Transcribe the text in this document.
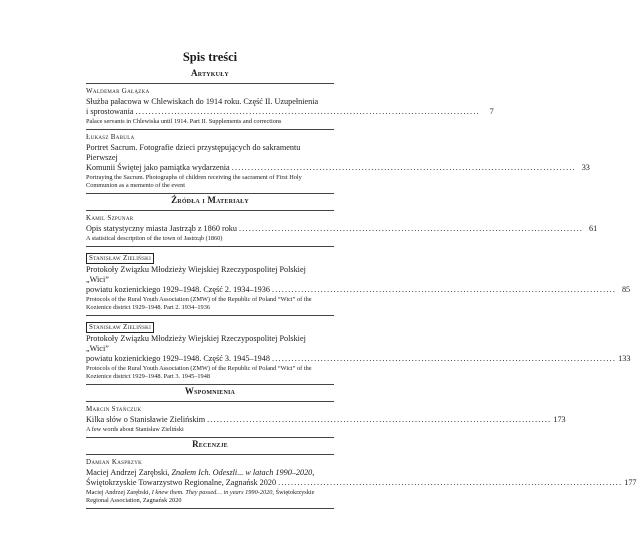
Spis treści
Artykuły
Waldemar Gałązka
Służba pałacowa w Chlewiskach do 1914 roku. Część II. Uzupełnienia
i sprostowania ..........................................................................................................	7
Palace servants in Chlewiska until 1914. Part II. Supplements and corrections
Łukasz Babula
Portret Sacrum. Fotografie dzieci przystępujących do sakramentu Pierwszej
Komunii Świętej jako pamiątka wydarzenia .......................................................................................................... 33
Portraying the Sacrum. Photographs of children receiving the sacrament of First Holy Communion as a memento of the event
Źródła i Materiały
Kamil Szpunar
Opis statystyczny miasta Jastrząb z 1860 roku .......................................................................................................... 61
A statistical description of the town of Jastrząb (1860)
Stanisław Zieliński
Protokoły Związku Młodzieży Wiejskiej Rzeczypospolitej Polskiej „Wici”
powiatu kozienickiego 1929–1948. Część 2. 1934–1936 .......................................................................................................... 85
Protocols of the Rural Youth Association (ZMW) of the Republic of Poland “Wici” of the Kozienice district 1929–1948. Part 2. 1934–1936
Stanisław Zieliński
Protokoły Związku Młodzieży Wiejskiej Rzeczypospolitej Polskiej „Wici”
powiatu kozienickiego 1929–1948. Część 3. 1945–1948 .......................................................................................................... 133
Protocols of the Rural Youth Association (ZMW) of the Republic of Poland “Wici” of the Kozienice district 1929–1948. Part 3. 1945–1948
Wspomnienia
Marcin Stańczuk
Kilka słów o Stanisławie Zielińskim .......................................................................................................... 173
A few words about Stanisław Zieliński
Recenzje
Damian Kasprzyk
Maciej Andrzej Zarębski, Znałem Ich. Odeszli... w latach 1990–2020,
Świętokrzyskie Towarzystwo Regionalne, Zagnańsk 2020 .......................................................................................................... 177
Maciej Andrzej Zarębski, I knew them. They passed… in years 1990-2020, Świętokrzyskie Regional Association, Zagnańsk 2020
